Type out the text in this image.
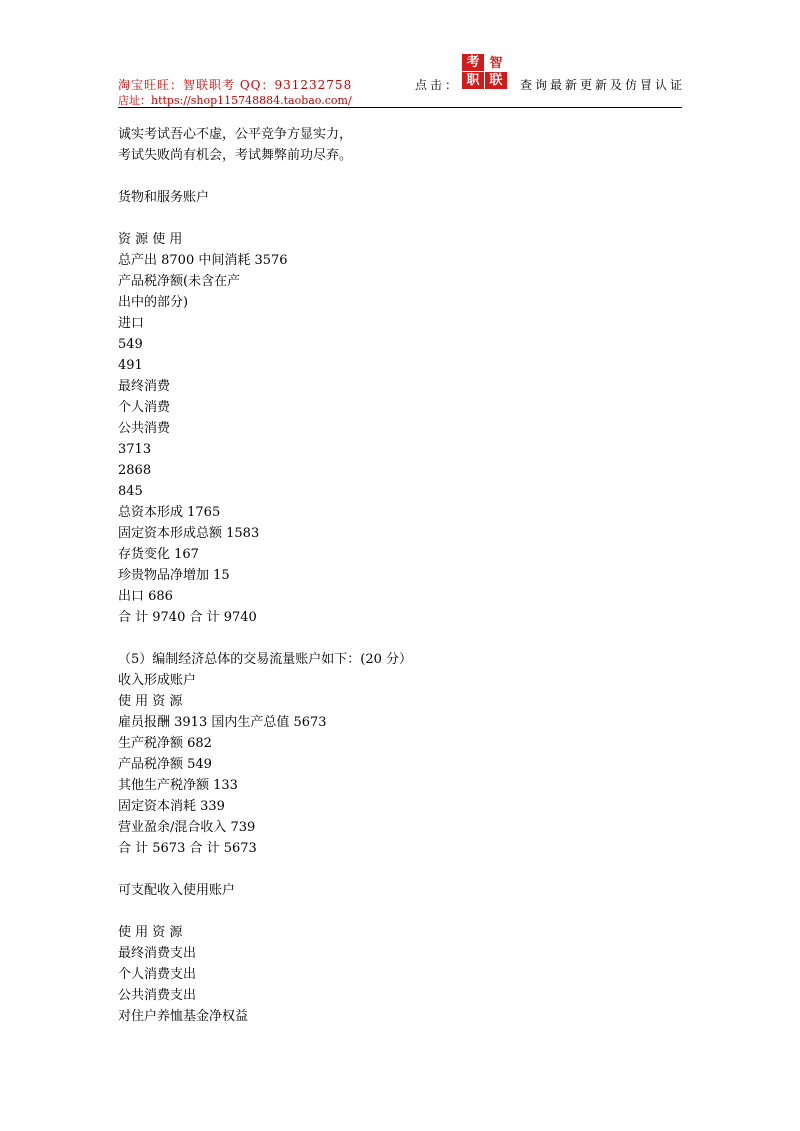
淘宝旺旺：智联职考 QQ：931232758
店址：https://shop115748884.taobao.com/
点击：
考 智
职 联	查询最新更新及仿冒认证
诚实考试吾心不虚，公平竞争方显实力，
考试失败尚有机会，考试舞弊前功尽弃。
货物和服务账户
资 源 使 用
总产出 8700 中间消耗 3576
产品税净额(未含在产
出中的部分)
进口
549
491
最终消费
个人消费
公共消费
3713
2868
845
总资本形成 1765
固定资本形成总额 1583
存货变化 167
珍贵物品净增加 15
出口 686
合 计 9740 合 计 9740
（5）编制经济总体的交易流量账户如下：(20 分）
收入形成账户
使 用 资 源
雇员报酬 3913 国内生产总值 5673
生产税净额 682
产品税净额 549
其他生产税净额 133
固定资本消耗 339
营业盈余/混合收入 739
合 计 5673 合 计 5673
可支配收入使用账户
使 用 资 源
最终消费支出
个人消费支出
公共消费支出
对住户养恤基金净权益
